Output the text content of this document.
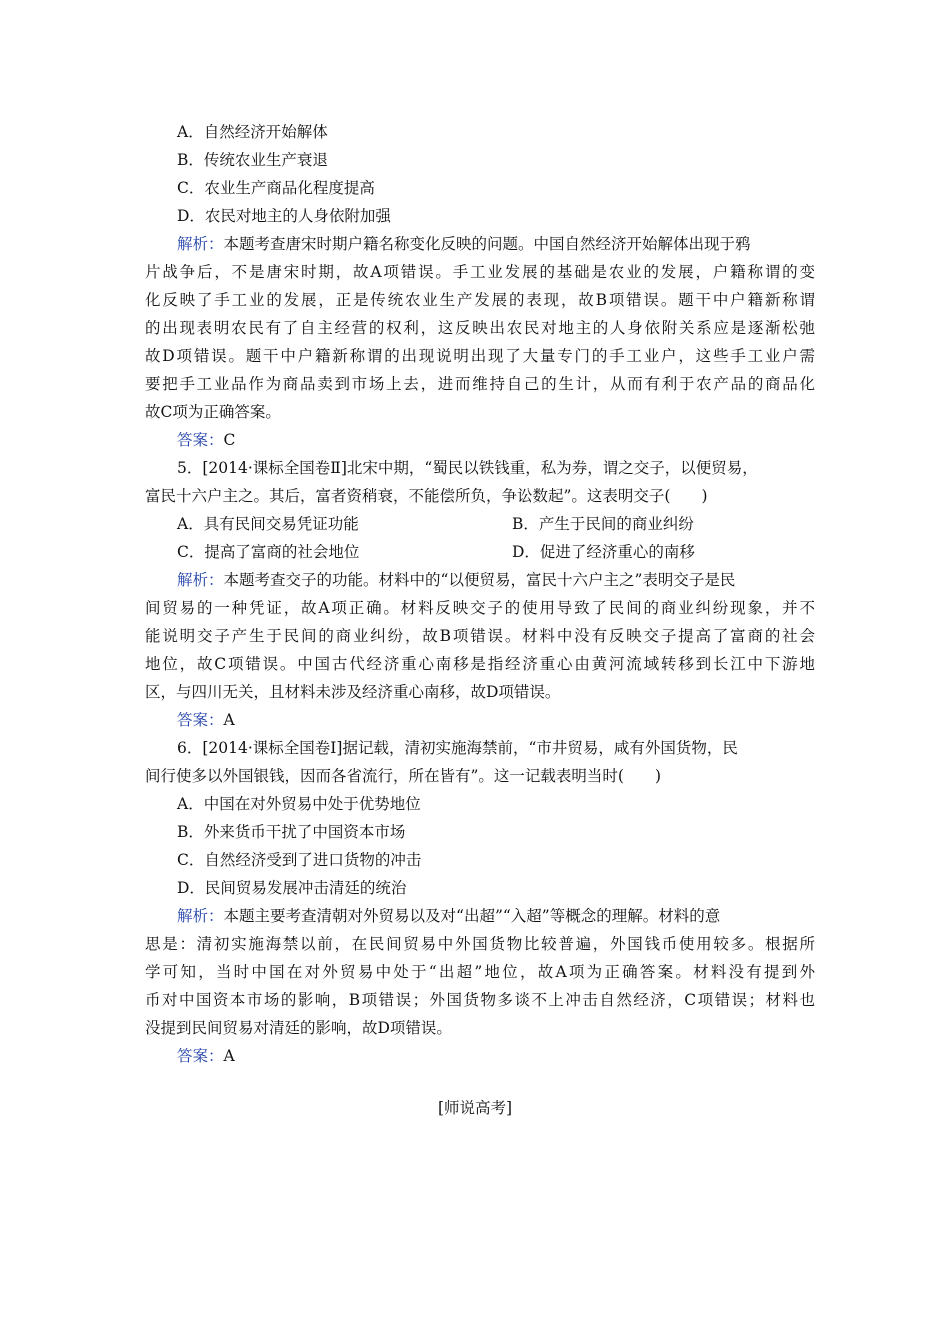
A．自然经济开始解体
B．传统农业生产衰退
C．农业生产商品化程度提高
D．农民对地主的人身依附加强
解析：本题考查唐宋时期户籍名称变化反映的问题。中国自然经济开始解体出现于鸦
片战争后，不是唐宋时期，故A项错误。手工业发展的基础是农业的发展，户籍称谓的变
化反映了手工业的发展，正是传统农业生产发展的表现，故B项错误。题干中户籍新称谓
的出现表明农民有了自主经营的权利，这反映出农民对地主的人身依附关系应是逐渐松弛
故D项错误。题干中户籍新称谓的出现说明出现了大量专门的手工业户，这些手工业户需
要把手工业品作为商品卖到市场上去，进而维持自己的生计，从而有利于农产品的商品化
故C项为正确答案。
答案：C
5．[2014·课标全国卷Ⅱ]北宋中期，“蜀民以铁钱重，私为券，谓之交子，以便贸易，
富民十六户主之。其后，富者资稍衰，不能偿所负，争讼数起”。这表明交子(　　)
A．具有民间交易凭证功能	B．产生于民间的商业纠纷
C．提高了富商的社会地位	D．促进了经济重心的南移
解析：本题考查交子的功能。材料中的“以便贸易，富民十六户主之”表明交子是民
间贸易的一种凭证，故A项正确。材料反映交子的使用导致了民间的商业纠纷现象，并不
能说明交子产生于民间的商业纠纷，故B项错误。材料中没有反映交子提高了富商的社会
地位，故C项错误。中国古代经济重心南移是指经济重心由黄河流域转移到长江中下游地
区，与四川无关，且材料未涉及经济重心南移，故D项错误。
答案：A
6．[2014·课标全国卷Ⅰ]据记载，清初实施海禁前，“市井贸易，咸有外国货物，民
间行使多以外国银钱，因而各省流行，所在皆有”。这一记载表明当时(　　)
A．中国在对外贸易中处于优势地位
B．外来货币干扰了中国资本市场
C．自然经济受到了进口货物的冲击
D．民间贸易发展冲击清廷的统治
解析：本题主要考查清朝对外贸易以及对“出超”“入超”等概念的理解。材料的意
思是：清初实施海禁以前，在民间贸易中外国货物比较普遍，外国钱币使用较多。根据所
学可知，当时中国在对外贸易中处于“出超”地位，故A项为正确答案。材料没有提到外
币对中国资本市场的影响，B项错误；外国货物多谈不上冲击自然经济，C项错误；材料也
没提到民间贸易对清廷的影响，故D项错误。
答案：A
[师说高考]
